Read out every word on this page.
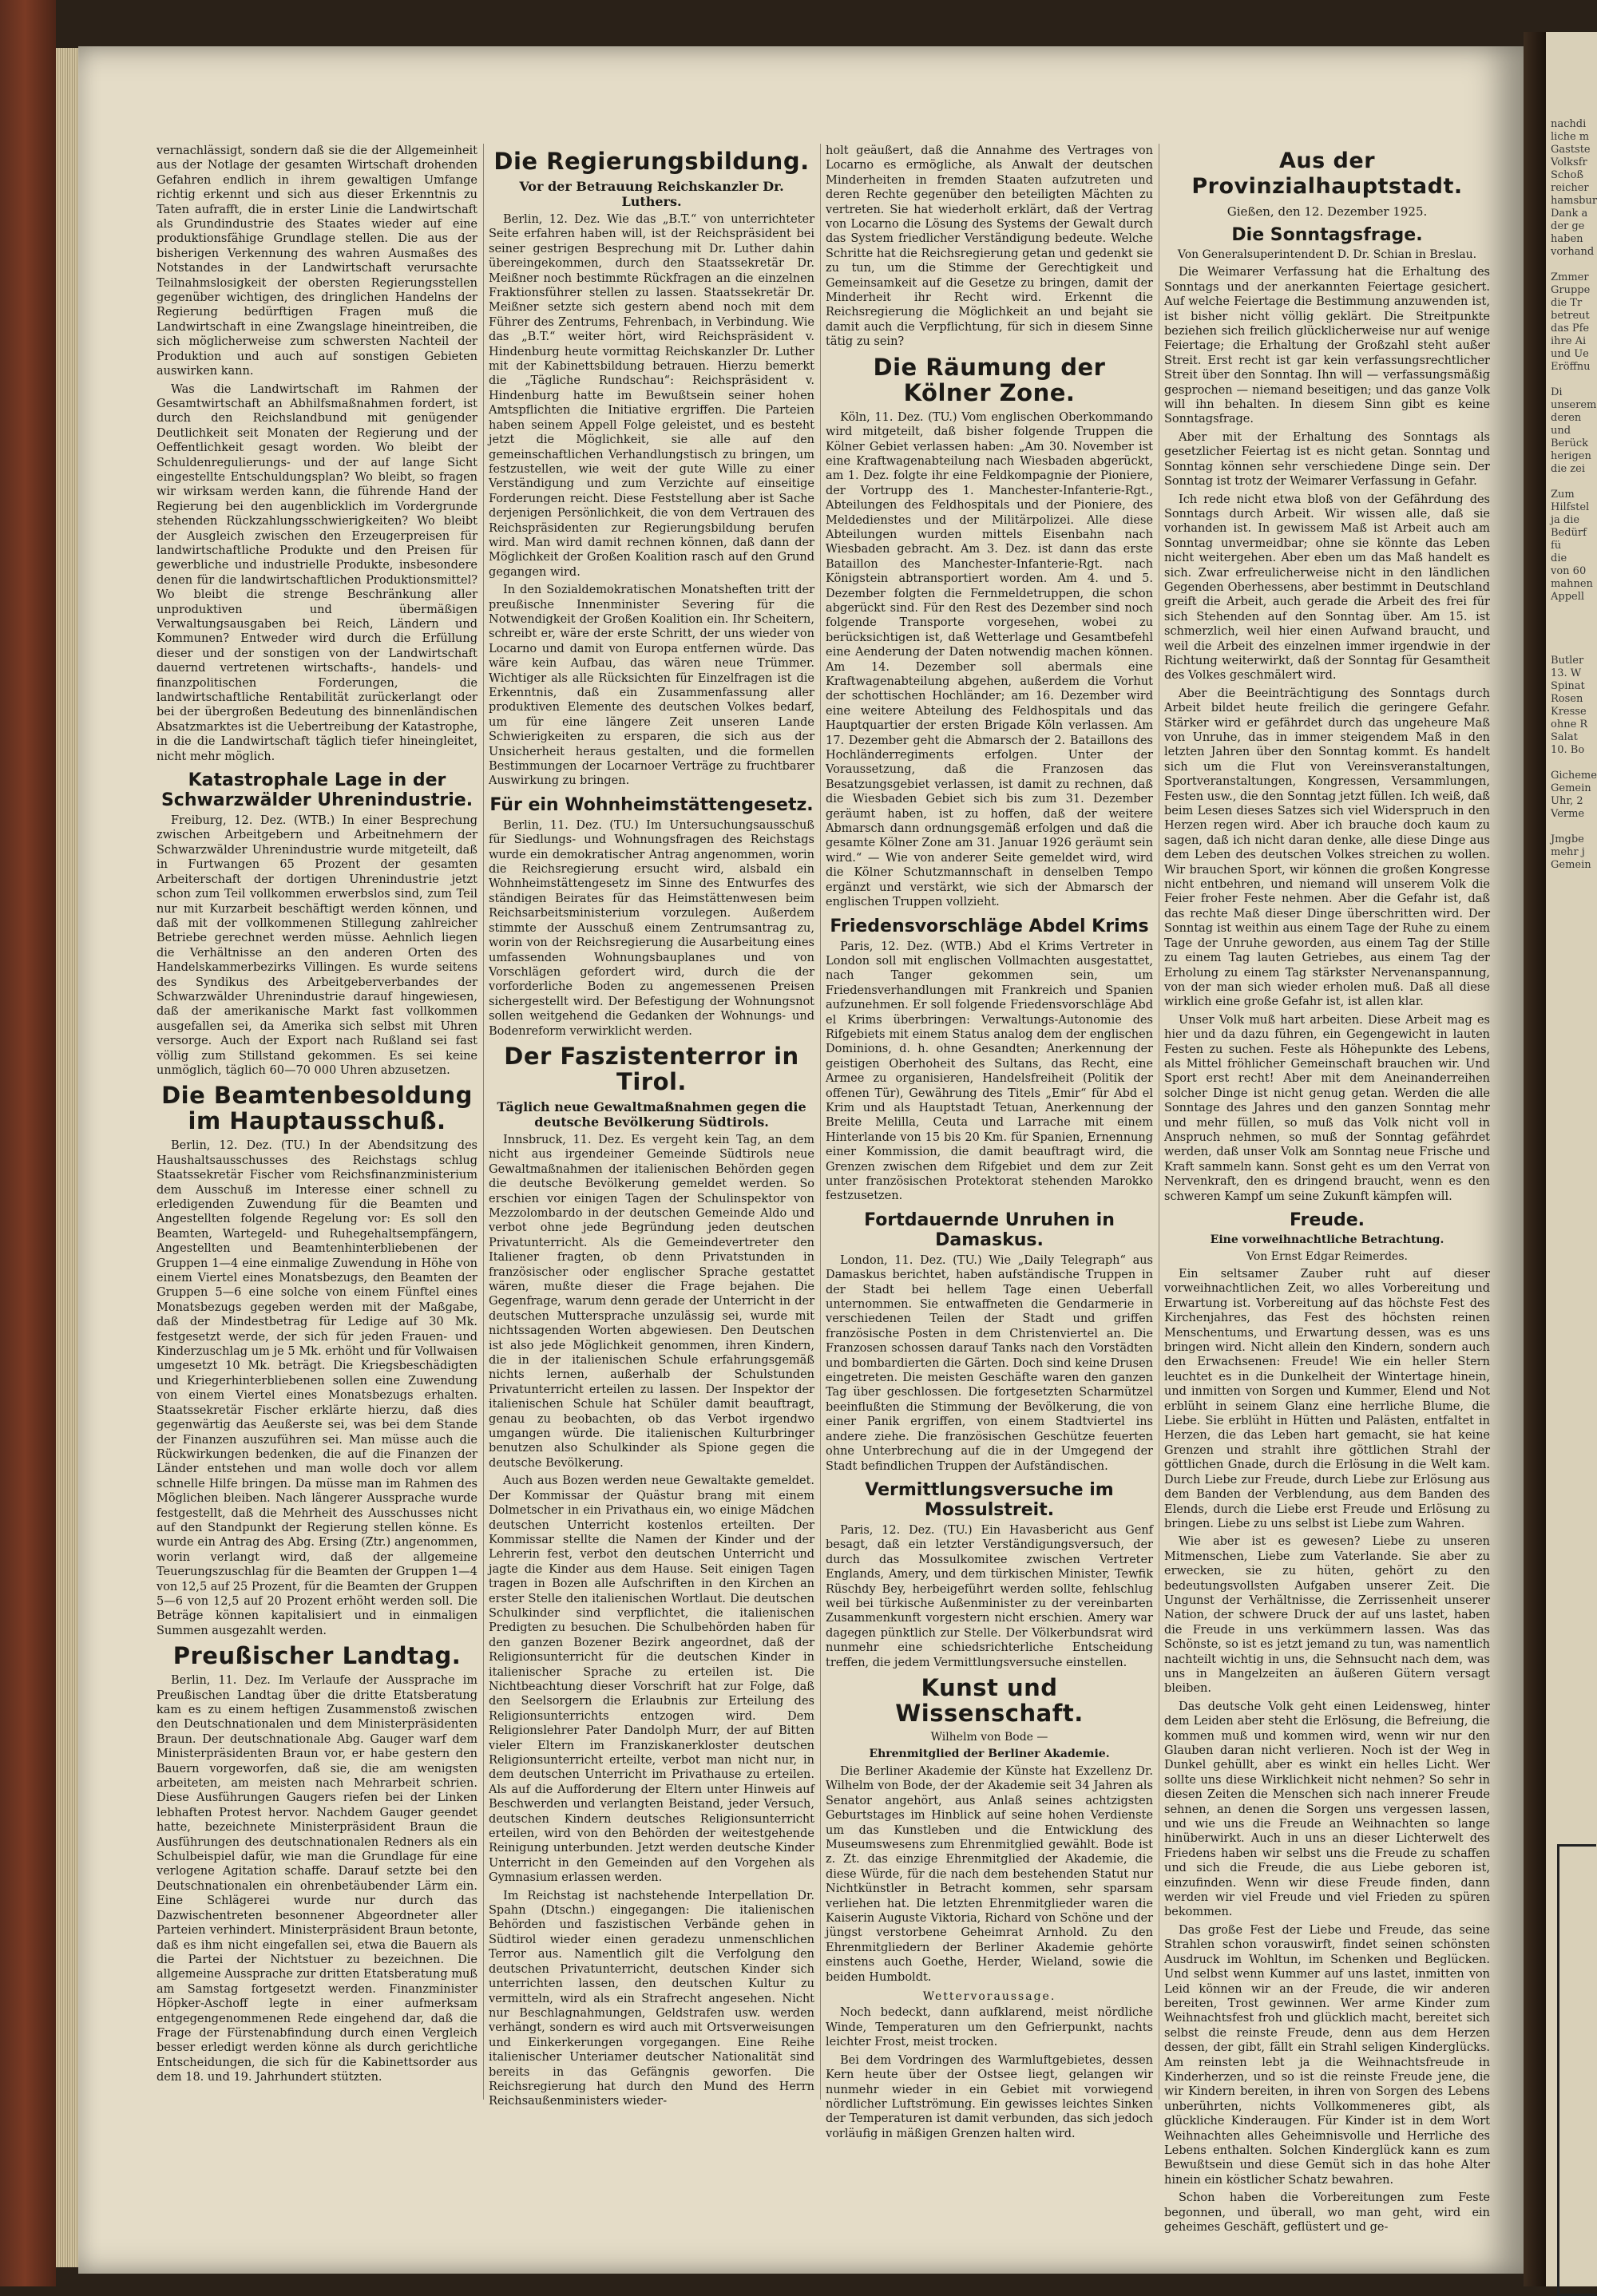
nachdi
liche m
Gastste
Volksfr
Schoß
reicher
hamsbur
Dank a
der ge
haben
vorhand

Zmmer
Gruppe
die Tr
betreut
das Pfe
ihre Ai
und Ue
Eröffnu

Di
unserem
deren
und
Berück
herigen
die zei

Zum
Hilfstel
ja die
Bedürf
fü
die
von 60
mahnen
Appell

Butler
13. W
Spinat
Rosen
Kresse
ohne R
Salat
10. Bo

Gicheme
Gemein
Uhr, 2
Verme

Jmgbe
mehr j
Gemein

vernachlässigt, sondern daß sie die der Allgemeinheit aus der Notlage der gesamten Wirtschaft drohenden Gefahren endlich in ihrem gewaltigen Umfange richtig erkennt und sich aus dieser Erkenntnis zu Taten aufrafft, die in erster Linie die Landwirtschaft als Grundindustrie des Staates wieder auf eine produktionsfähige Grundlage stellen. Die aus der bisherigen Verkennung des wahren Ausmaßes des Notstandes in der Landwirtschaft verursachte Teilnahmslosigkeit der obersten Regierungsstellen gegenüber wichtigen, des dringlichen Handelns der Regierung bedürftigen Fragen muß die Landwirtschaft in eine Zwangslage hineintreiben, die sich möglicherweise zum schwersten Nachteil der Produktion und auch auf sonstigen Gebieten auswirken kann.

Was die Landwirtschaft im Rahmen der Gesamtwirtschaft an Abhilfsmaßnahmen fordert, ist durch den Reichslandbund mit genügender Deutlichkeit seit Monaten der Regierung und der Oeffentlichkeit gesagt worden. Wo bleibt der Schuldenregulierungs- und der auf lange Sicht eingestellte Entschuldungsplan? Wo bleibt, so fragen wir wirksam werden kann, die führende Hand der Regierung bei den augenblicklich im Vordergrunde stehenden Rückzahlungsschwierigkeiten? Wo bleibt der Ausgleich zwischen den Erzeugerpreisen für landwirtschaftliche Produkte und den Preisen für gewerbliche und industrielle Produkte, insbesondere denen für die landwirtschaftlichen Produktionsmittel? Wo bleibt die strenge Beschränkung aller unproduktiven und übermäßigen Verwaltungsausgaben bei Reich, Ländern und Kommunen? Entweder wird durch die Erfüllung dieser und der sonstigen von der Landwirtschaft dauernd vertretenen wirtschafts-, handels- und finanzpolitischen Forderungen, die landwirtschaftliche Rentabilität zurückerlangt oder bei der übergroßen Bedeutung des binnenländischen Absatzmarktes ist die Uebertreibung der Katastrophe, in die die Landwirtschaft täglich tiefer hineingleitet, nicht mehr möglich.

Katastrophale Lage in der Schwarzwälder Uhrenindustrie.

Freiburg, 12. Dez. (WTB.) In einer Besprechung zwischen Arbeitgebern und Arbeitnehmern der Schwarzwälder Uhrenindustrie wurde mitgeteilt, daß in Furtwangen 65 Prozent der gesamten Arbeiterschaft der dortigen Uhrenindustrie jetzt schon zum Teil vollkommen erwerbslos sind, zum Teil nur mit Kurzarbeit beschäftigt werden können, und daß mit der vollkommenen Stillegung zahlreicher Betriebe gerechnet werden müsse. Aehnlich liegen die Verhältnisse an den anderen Orten des Handelskammerbezirks Villingen. Es wurde seitens des Syndikus des Arbeitgeberverbandes der Schwarzwälder Uhrenindustrie darauf hingewiesen, daß der amerikanische Markt fast vollkommen ausgefallen sei, da Amerika sich selbst mit Uhren versorge. Auch der Export nach Rußland sei fast völlig zum Stillstand gekommen. Es sei keine unmöglich, täglich 60—70 000 Uhren abzusetzen.

Die Beamtenbesoldung im Hauptausschuß.

Berlin, 12. Dez. (TU.) In der Abendsitzung des Haushaltsausschusses des Reichstags schlug Staatssekretär Fischer vom Reichsfinanzministerium dem Ausschuß im Interesse einer schnell zu erledigenden Zuwendung für die Beamten und Angestellten folgende Regelung vor: Es soll den Beamten, Wartegeld- und Ruhegehaltsempfängern, Angestellten und Beamtenhinterbliebenen der Gruppen 1—4 eine einmalige Zuwendung in Höhe von einem Viertel eines Monatsbezugs, den Beamten der Gruppen 5—6 eine solche von einem Fünftel eines Monatsbezugs gegeben werden mit der Maßgabe, daß der Mindestbetrag für Ledige auf 30 Mk. festgesetzt werde, der sich für jeden Frauen- und Kinderzuschlag um je 5 Mk. erhöht und für Vollwaisen umgesetzt 10 Mk. beträgt. Die Kriegsbeschädigten und Kriegerhinterbliebenen sollen eine Zuwendung von einem Viertel eines Monatsbezugs erhalten. Staatssekretär Fischer erklärte hierzu, daß dies gegenwärtig das Aeußerste sei, was bei dem Stande der Finanzen auszuführen sei. Man müsse auch die Rückwirkungen bedenken, die auf die Finanzen der Länder entstehen und man wolle doch vor allem schnelle Hilfe bringen. Da müsse man im Rahmen des Möglichen bleiben. Nach längerer Aussprache wurde festgestellt, daß die Mehrheit des Ausschusses nicht auf den Standpunkt der Regierung stellen könne. Es wurde ein Antrag des Abg. Ersing (Ztr.) angenommen, worin verlangt wird, daß der allgemeine Teuerungszuschlag für die Beamten der Gruppen 1—4 von 12,5 auf 25 Prozent, für die Beamten der Gruppen 5—6 von 12,5 auf 20 Prozent erhöht werden soll. Die Beträge können kapitalisiert und in einmaligen Summen ausgezahlt werden.

Preußischer Landtag.

Berlin, 11. Dez. Im Verlaufe der Aussprache im Preußischen Landtag über die dritte Etatsberatung kam es zu einem heftigen Zusammenstoß zwischen den Deutschnationalen und dem Ministerpräsidenten Braun. Der deutschnationale Abg. Gauger warf dem Ministerpräsidenten Braun vor, er habe gestern den Bauern vorgeworfen, daß sie, die am wenigsten arbeiteten, am meisten nach Mehrarbeit schrien. Diese Ausführungen Gaugers riefen bei der Linken lebhaften Protest hervor. Nachdem Gauger geendet hatte, bezeichnete Ministerpräsident Braun die Ausführungen des deutschnationalen Redners als ein Schulbeispiel dafür, wie man die Grundlage für eine verlogene Agitation schaffe. Darauf setzte bei den Deutschnationalen ein ohrenbetäubender Lärm ein. Eine Schlägerei wurde nur durch das Dazwischentreten besonnener Abgeordneter aller Parteien verhindert. Ministerpräsident Braun betonte, daß es ihm nicht eingefallen sei, etwa die Bauern als die Partei der Nichtstuer zu bezeichnen. Die allgemeine Aussprache zur dritten Etatsberatung muß am Samstag fortgesetzt werden. Finanzminister Höpker-Aschoff legte in einer aufmerksam entgegengenommenen Rede eingehend dar, daß die Frage der Fürstenabfindung durch einen Vergleich besser erledigt werden könne als durch gerichtliche Entscheidungen, die sich für die Kabinettsorder aus dem 18. und 19. Jahrhundert stützten.

Die Regierungsbildung.
Vor der Betrauung Reichskanzler Dr. Luthers.

Berlin, 12. Dez. Wie das „B.T.“ von unterrichteter Seite erfahren haben will, ist der Reichspräsident bei seiner gestrigen Besprechung mit Dr. Luther dahin übereingekommen, durch den Staatssekretär Dr. Meißner noch bestimmte Rückfragen an die einzelnen Fraktionsführer stellen zu lassen. Staatssekretär Dr. Meißner setzte sich gestern abend noch mit dem Führer des Zentrums, Fehrenbach, in Verbindung. Wie das „B.T.“ weiter hört, wird Reichspräsident v. Hindenburg heute vormittag Reichskanzler Dr. Luther mit der Kabinettsbildung betrauen. Hierzu bemerkt die „Tägliche Rundschau“: Reichspräsident v. Hindenburg hatte im Bewußtsein seiner hohen Amtspflichten die Initiative ergriffen. Die Parteien haben seinem Appell Folge geleistet, und es besteht jetzt die Möglichkeit, sie alle auf den gemeinschaftlichen Verhandlungstisch zu bringen, um festzustellen, wie weit der gute Wille zu einer Verständigung und zum Verzichte auf einseitige Forderungen reicht. Diese Feststellung aber ist Sache derjenigen Persönlichkeit, die von dem Vertrauen des Reichspräsidenten zur Regierungsbildung berufen wird. Man wird damit rechnen können, daß dann der Möglichkeit der Großen Koalition rasch auf den Grund gegangen wird.

In den Sozialdemokratischen Monatsheften tritt der preußische Innenminister Severing für die Notwendigkeit der Großen Koalition ein. Ihr Scheitern, schreibt er, wäre der erste Schritt, der uns wieder von Locarno und damit von Europa entfernen würde. Das wäre kein Aufbau, das wären neue Trümmer. Wichtiger als alle Rücksichten für Einzelfragen ist die Erkenntnis, daß ein Zusammenfassung aller produktiven Elemente des deutschen Volkes bedarf, um für eine längere Zeit unseren Lande Schwierigkeiten zu ersparen, die sich aus der Unsicherheit heraus gestalten, und die formellen Bestimmungen der Locarnoer Verträge zu fruchtbarer Auswirkung zu bringen.

Für ein Wohnheimstättengesetz.

Berlin, 11. Dez. (TU.) Im Untersuchungsausschuß für Siedlungs- und Wohnungsfragen des Reichstags wurde ein demokratischer Antrag angenommen, worin die Reichsregierung ersucht wird, alsbald ein Wohnheimstättengesetz im Sinne des Entwurfes des ständigen Beirates für das Heimstättenwesen beim Reichsarbeitsministerium vorzulegen. Außerdem stimmte der Ausschuß einem Zentrumsantrag zu, worin von der Reichsregierung die Ausarbeitung eines umfassenden Wohnungsbauplanes und von Vorschlägen gefordert wird, durch die der vorforderliche Boden zu angemessenen Preisen sichergestellt wird. Der Befestigung der Wohnungsnot sollen weitgehend die Gedanken der Wohnungs- und Bodenreform verwirklicht werden.

Der Faszistenterror in Tirol.
Täglich neue Gewaltmaßnahmen gegen die deutsche Bevölkerung Südtirols.

Innsbruck, 11. Dez. Es vergeht kein Tag, an dem nicht aus irgendeiner Gemeinde Südtirols neue Gewaltmaßnahmen der italienischen Behörden gegen die deutsche Bevölkerung gemeldet werden. So erschien vor einigen Tagen der Schulinspektor von Mezzolombardo in der deutschen Gemeinde Aldo und verbot ohne jede Begründung jeden deutschen Privatunterricht. Als die Gemeindevertreter den Italiener fragten, ob denn Privatstunden in französischer oder englischer Sprache gestattet wären, mußte dieser die Frage bejahen. Die Gegenfrage, warum denn gerade der Unterricht in der deutschen Muttersprache unzulässig sei, wurde mit nichtssagenden Worten abgewiesen. Den Deutschen ist also jede Möglichkeit genommen, ihren Kindern, die in der italienischen Schule erfahrungsgemäß nichts lernen, außerhalb der Schulstunden Privatunterricht erteilen zu lassen. Der Inspektor der italienischen Schule hat Schüler damit beauftragt, genau zu beobachten, ob das Verbot irgendwo umgangen würde. Die italienischen Kulturbringer benutzen also Schulkinder als Spione gegen die deutsche Bevölkerung.

Auch aus Bozen werden neue Gewaltakte gemeldet. Der Kommissar der Quästur brang mit einem Dolmetscher in ein Privathaus ein, wo einige Mädchen deutschen Unterricht kostenlos erteilten. Der Kommissar stellte die Namen der Kinder und der Lehrerin fest, verbot den deutschen Unterricht und jagte die Kinder aus dem Hause. Seit einigen Tagen tragen in Bozen alle Aufschriften in den Kirchen an erster Stelle den italienischen Wortlaut. Die deutschen Schulkinder sind verpflichtet, die italienischen Predigten zu besuchen. Die Schulbehörden haben für den ganzen Bozener Bezirk angeordnet, daß der Religionsunterricht für die deutschen Kinder in italienischer Sprache zu erteilen ist. Die Nichtbeachtung dieser Vorschrift hat zur Folge, daß den Seelsorgern die Erlaubnis zur Erteilung des Religionsunterrichts entzogen wird. Dem Religionslehrer Pater Dandolph Murr, der auf Bitten vieler Eltern im Franziskanerkloster deutschen Religionsunterricht erteilte, verbot man nicht nur, in dem deutschen Unterricht im Privathause zu erteilen. Als auf die Aufforderung der Eltern unter Hinweis auf Beschwerden und verlangten Beistand, jeder Versuch, deutschen Kindern deutsches Religionsunterricht erteilen, wird von den Behörden der weitestgehende Reinigung unterbunden. Jetzt werden deutsche Kinder Unterricht in den Gemeinden auf den Vorgehen als Gymnasium erlassen werden.

Im Reichstag ist nachstehende Interpellation Dr. Spahn (Dtschn.) eingegangen: Die italienischen Behörden und faszistischen Verbände gehen in Südtirol wieder einen geradezu unmenschlichen Terror aus. Namentlich gilt die Verfolgung den deutschen Privatunterricht, deutschen Kinder sich unterrichten lassen, den deutschen Kultur zu vermitteln, wird als ein Strafrecht angesehen. Nicht nur Beschlagnahmungen, Geldstrafen usw. werden verhängt, sondern es wird auch mit Ortsverweisungen und Einkerkerungen vorgegangen. Eine Reihe italienischer Unteriamer deutscher Nationalität sind bereits in das Gefängnis geworfen. Die Reichsregierung hat durch den Mund des Herrn Reichsaußenministers wieder-

holt geäußert, daß die Annahme des Vertrages von Locarno es ermögliche, als Anwalt der deutschen Minderheiten in fremden Staaten aufzutreten und deren Rechte gegenüber den beteiligten Mächten zu vertreten. Sie hat wiederholt erklärt, daß der Vertrag von Locarno die Lösung des Systems der Gewalt durch das System friedlicher Verständigung bedeute. Welche Schritte hat die Reichsregierung getan und gedenkt sie zu tun, um die Stimme der Gerechtigkeit und Gemeinsamkeit auf die Gesetze zu bringen, damit der Minderheit ihr Recht wird. Erkennt die Reichsregierung die Möglichkeit an und bejaht sie damit auch die Verpflichtung, für sich in diesem Sinne tätig zu sein?

Die Räumung der Kölner Zone.

Köln, 11. Dez. (TU.) Vom englischen Oberkommando wird mitgeteilt, daß bisher folgende Truppen die Kölner Gebiet verlassen haben: „Am 30. November ist eine Kraftwagenabteilung nach Wiesbaden abgerückt, am 1. Dez. folgte ihr eine Feldkompagnie der Pioniere, der Vortrupp des 1. Manchester-Infanterie-Rgt., Abteilungen des Feldhospitals und der Pioniere, des Meldedienstes und der Militärpolizei. Alle diese Abteilungen wurden mittels Eisenbahn nach Wiesbaden gebracht. Am 3. Dez. ist dann das erste Bataillon des Manchester-Infanterie-Rgt. nach Königstein abtransportiert worden. Am 4. und 5. Dezember folgten die Fernmeldetruppen, die schon abgerückt sind. Für den Rest des Dezember sind noch folgende Transporte vorgesehen, wobei zu berücksichtigen ist, daß Wetterlage und Gesamtbefehl eine Aenderung der Daten notwendig machen können. Am 14. Dezember soll abermals eine Kraftwagenabteilung abgehen, außerdem die Vorhut der schottischen Hochländer; am 16. Dezember wird eine weitere Abteilung des Feldhospitals und das Hauptquartier der ersten Brigade Köln verlassen. Am 17. Dezember geht die Abmarsch der 2. Bataillons des Hochländerregiments erfolgen. Unter der Voraussetzung, daß die Franzosen das Besatzungsgebiet verlassen, ist damit zu rechnen, daß die Wiesbaden Gebiet sich bis zum 31. Dezember geräumt haben, ist zu hoffen, daß der weitere Abmarsch dann ordnungsgemäß erfolgen und daß die gesamte Kölner Zone am 31. Januar 1926 geräumt sein wird.“ — Wie von anderer Seite gemeldet wird, wird die Kölner Schutzmannschaft in denselben Tempo ergänzt und verstärkt, wie sich der Abmarsch der englischen Truppen vollzieht.

Friedensvorschläge Abdel Krims

Paris, 12. Dez. (WTB.) Abd el Krims Vertreter in London soll mit englischen Vollmachten ausgestattet, nach Tanger gekommen sein, um Friedensverhandlungen mit Frankreich und Spanien aufzunehmen. Er soll folgende Friedensvorschläge Abd el Krims überbringen: Verwaltungs-Autonomie des Rifgebiets mit einem Status analog dem der englischen Dominions, d. h. ohne Gesandten; Anerkennung der geistigen Oberhoheit des Sultans, das Recht, eine Armee zu organisieren, Handelsfreiheit (Politik der offenen Tür), Gewährung des Titels „Emir“ für Abd el Krim und als Hauptstadt Tetuan, Anerkennung der Breite Melilla, Ceuta und Larrache mit einem Hinterlande von 15 bis 20 Km. für Spanien, Ernennung einer Kommission, die damit beauftragt wird, die Grenzen zwischen dem Rifgebiet und dem zur Zeit unter französischen Protektorat stehenden Marokko festzusetzen.

Fortdauernde Unruhen in Damaskus.

London, 11. Dez. (TU.) Wie „Daily Telegraph“ aus Damaskus berichtet, haben aufständische Truppen in der Stadt bei hellem Tage einen Ueberfall unternommen. Sie entwaffneten die Gendarmerie in verschiedenen Teilen der Stadt und griffen französische Posten in dem Christenviertel an. Die Franzosen schossen darauf Tanks nach den Vorstädten und bombardierten die Gärten. Doch sind keine Drusen eingetreten. Die meisten Geschäfte waren den ganzen Tag über geschlossen. Die fortgesetzten Scharmützel beeinflußten die Stimmung der Bevölkerung, die von einer Panik ergriffen, von einem Stadtviertel ins andere ziehe. Die französischen Geschütze feuerten ohne Unterbrechung auf die in der Umgegend der Stadt befindlichen Truppen der Aufständischen.

Vermittlungsversuche im Mossulstreit.

Paris, 12. Dez. (TU.) Ein Havasbericht aus Genf besagt, daß ein letzter Verständigungsversuch, der durch das Mossulkomitee zwischen Vertreter Englands, Amery, und dem türkischen Minister, Tewfik Rüschdy Bey, herbeigeführt werden sollte, fehlschlug weil bei türkische Außenminister zu der vereinbarten Zusammenkunft vorgestern nicht erschien. Amery war dagegen pünktlich zur Stelle. Der Völkerbundsrat wird nunmehr eine schiedsrichterliche Entscheidung treffen, die jedem Vermittlungsversuche einstellen.

Kunst und Wissenschaft.
Wilhelm von Bode —
Ehrenmitglied der Berliner Akademie.

Die Berliner Akademie der Künste hat Exzellenz Dr. Wilhelm von Bode, der der Akademie seit 34 Jahren als Senator angehört, aus Anlaß seines achtzigsten Geburtstages im Hinblick auf seine hohen Verdienste um das Kunstleben und die Entwicklung des Museumswesens zum Ehrenmitglied gewählt. Bode ist z. Zt. das einzige Ehrenmitglied der Akademie, die diese Würde, für die nach dem bestehenden Statut nur Nichtkünstler in Betracht kommen, sehr sparsam verliehen hat. Die letzten Ehrenmitglieder waren die Kaiserin Auguste Viktoria, Richard von Schöne und der jüngst verstorbene Geheimrat Arnhold. Zu den Ehrenmitgliedern der Berliner Akademie gehörte einstens auch Goethe, Herder, Wieland, sowie die beiden Humboldt.

Wettervoraussage.

Noch bedeckt, dann aufklarend, meist nördliche Winde, Temperaturen um den Gefrierpunkt, nachts leichter Frost, meist trocken.

Bei dem Vordringen des Warmluftgebietes, dessen Kern heute über der Ostsee liegt, gelangen wir nunmehr wieder in ein Gebiet mit vorwiegend nördlicher Luftströmung. Ein gewisses leichtes Sinken der Temperaturen ist damit verbunden, das sich jedoch vorläufig in mäßigen Grenzen halten wird.

Aus der Provinzialhauptstadt.
Gießen, den 12. Dezember 1925.
Die Sonntagsfrage.
Von Generalsuperintendent D. Dr. Schian in Breslau.

Die Weimarer Verfassung hat die Erhaltung des Sonntags und der anerkannten Feiertage gesichert. Auf welche Feiertage die Bestimmung anzuwenden ist, ist bisher nicht völlig geklärt. Die Streitpunkte beziehen sich freilich glücklicherweise nur auf wenige Feiertage; die Erhaltung der Großzahl steht außer Streit. Erst recht ist gar kein verfassungsrechtlicher Streit über den Sonntag. Ihn will — verfassungsmäßig gesprochen — niemand beseitigen; und das ganze Volk will ihn behalten. In diesem Sinn gibt es keine Sonntagsfrage.

Aber mit der Erhaltung des Sonntags als gesetzlicher Feiertag ist es nicht getan. Sonntag und Sonntag können sehr verschiedene Dinge sein. Der Sonntag ist trotz der Weimarer Verfassung in Gefahr.

Ich rede nicht etwa bloß von der Gefährdung des Sonntags durch Arbeit. Wir wissen alle, daß sie vorhanden ist. In gewissem Maß ist Arbeit auch am Sonntag unvermeidbar; ohne sie könnte das Leben nicht weitergehen. Aber eben um das Maß handelt es sich. Zwar erfreulicherweise nicht in den ländlichen Gegenden Oberhessens, aber bestimmt in Deutschland greift die Arbeit, auch gerade die Arbeit des frei für sich Stehenden auf den Sonntag über. Am 15. ist schmerzlich, weil hier einen Aufwand braucht, und weil die Arbeit des einzelnen immer irgendwie in der Richtung weiterwirkt, daß der Sonntag für Gesamtheit des Volkes geschmälert wird.

Aber die Beeinträchtigung des Sonntags durch Arbeit bildet heute freilich die geringere Gefahr. Stärker wird er gefährdet durch das ungeheure Maß von Unruhe, das in immer steigendem Maß in den letzten Jahren über den Sonntag kommt. Es handelt sich um die Flut von Vereinsveranstaltungen, Sportveranstaltungen, Kongressen, Versammlungen, Festen usw., die den Sonntag jetzt füllen. Ich weiß, daß beim Lesen dieses Satzes sich viel Widerspruch in den Herzen regen wird. Aber ich brauche doch kaum zu sagen, daß ich nicht daran denke, alle diese Dinge aus dem Leben des deutschen Volkes streichen zu wollen. Wir brauchen Sport, wir können die großen Kongresse nicht entbehren, und niemand will unserem Volk die Feier froher Feste nehmen. Aber die Gefahr ist, daß das rechte Maß dieser Dinge überschritten wird. Der Sonntag ist weithin aus einem Tage der Ruhe zu einem Tage der Unruhe geworden, aus einem Tag der Stille zu einem Tag lauten Getriebes, aus einem Tag der Erholung zu einem Tag stärkster Nervenanspannung, von der man sich wieder erholen muß. Daß all diese wirklich eine große Gefahr ist, ist allen klar.

Unser Volk muß hart arbeiten. Diese Arbeit mag es hier und da dazu führen, ein Gegengewicht in lauten Festen zu suchen. Feste als Höhepunkte des Lebens, als Mittel fröhlicher Gemeinschaft brauchen wir. Und Sport erst recht! Aber mit dem Aneinanderreihen solcher Dinge ist nicht genug getan. Werden die alle Sonntage des Jahres und den ganzen Sonntag mehr und mehr füllen, so muß das Volk nicht voll in Anspruch nehmen, so muß der Sonntag gefährdet werden, daß unser Volk am Sonntag neue Frische und Kraft sammeln kann. Sonst geht es um den Verrat von Nervenkraft, den es dringend braucht, wenn es den schweren Kampf um seine Zukunft kämpfen will.

Freude.
Eine vorweihnachtliche Betrachtung.
Von Ernst Edgar Reimerdes.

Ein seltsamer Zauber ruht auf dieser vorweihnachtlichen Zeit, wo alles Vorbereitung und Erwartung ist. Vorbereitung auf das höchste Fest des Kirchenjahres, das Fest des höchsten reinen Menschentums, und Erwartung dessen, was es uns bringen wird. Nicht allein den Kindern, sondern auch den Erwachsenen: Freude! Wie ein heller Stern leuchtet es in die Dunkelheit der Wintertage hinein, und inmitten von Sorgen und Kummer, Elend und Not erblüht in seinem Glanz eine herrliche Blume, die Liebe. Sie erblüht in Hütten und Palästen, entfaltet in Herzen, die das Leben hart gemacht, sie hat keine Grenzen und strahlt ihre göttlichen Strahl der göttlichen Gnade, durch die Erlösung in die Welt kam. Durch Liebe zur Freude, durch Liebe zur Erlösung aus dem Banden der Verblendung, aus dem Banden des Elends, durch die Liebe erst Freude und Erlösung zu bringen. Liebe zu uns selbst ist Liebe zum Wahren.

Wie aber ist es gewesen? Liebe zu unseren Mitmenschen, Liebe zum Vaterlande. Sie aber zu erwecken, sie zu hüten, gehört zu den bedeutungsvollsten Aufgaben unserer Zeit. Die Ungunst der Verhältnisse, die Zerrissenheit unserer Nation, der schwere Druck der auf uns lastet, haben die Freude in uns verkümmern lassen. Was das Schönste, so ist es jetzt jemand zu tun, was namentlich nachteilt wichtig in uns, die Sehnsucht nach dem, was uns in Mangelzeiten an äußeren Gütern versagt bleiben.

Das deutsche Volk geht einen Leidensweg, hinter dem Leiden aber steht die Erlösung, die Befreiung, die kommen muß und kommen wird, wenn wir nur den Glauben daran nicht verlieren. Noch ist der Weg in Dunkel gehüllt, aber es winkt ein helles Licht. Wer sollte uns diese Wirklichkeit nicht nehmen? So sehr in diesen Zeiten die Menschen sich nach innerer Freude sehnen, an denen die Sorgen uns vergessen lassen, und wie uns die Freude an Weihnachten so lange hinüberwirkt. Auch in uns an dieser Lichterwelt des Friedens haben wir selbst uns die Freude zu schaffen und sich die Freude, die aus Liebe geboren ist, einzufinden. Wenn wir diese Freude finden, dann werden wir viel Freude und viel Frieden zu spüren bekommen.

Das große Fest der Liebe und Freude, das seine Strahlen schon vorauswirft, findet seinen schönsten Ausdruck im Wohltun, im Schenken und Beglücken. Und selbst wenn Kummer auf uns lastet, inmitten von Leid können wir an der Freude, die wir anderen bereiten, Trost gewinnen. Wer arme Kinder zum Weihnachtsfest froh und glücklich macht, bereitet sich selbst die reinste Freude, denn aus dem Herzen dessen, der gibt, fällt ein Strahl seligen Kinderglücks. Am reinsten lebt ja die Weihnachtsfreude in Kinderherzen, und so ist die reinste Freude jene, die wir Kindern bereiten, in ihren von Sorgen des Lebens unberührten, nichts Vollkommeneres gibt, als glückliche Kinderaugen. Für Kinder ist in dem Wort Weihnachten alles Geheimnisvolle und Herrliche des Lebens enthalten. Solchen Kinderglück kann es zum Bewußtsein und diese Gemüt sich in das hohe Alter hinein ein köstlicher Schatz bewahren.

Schon haben die Vorbereitungen zum Feste begonnen, und überall, wo man geht, wird ein geheimes Geschäft, geflüstert und ge-
